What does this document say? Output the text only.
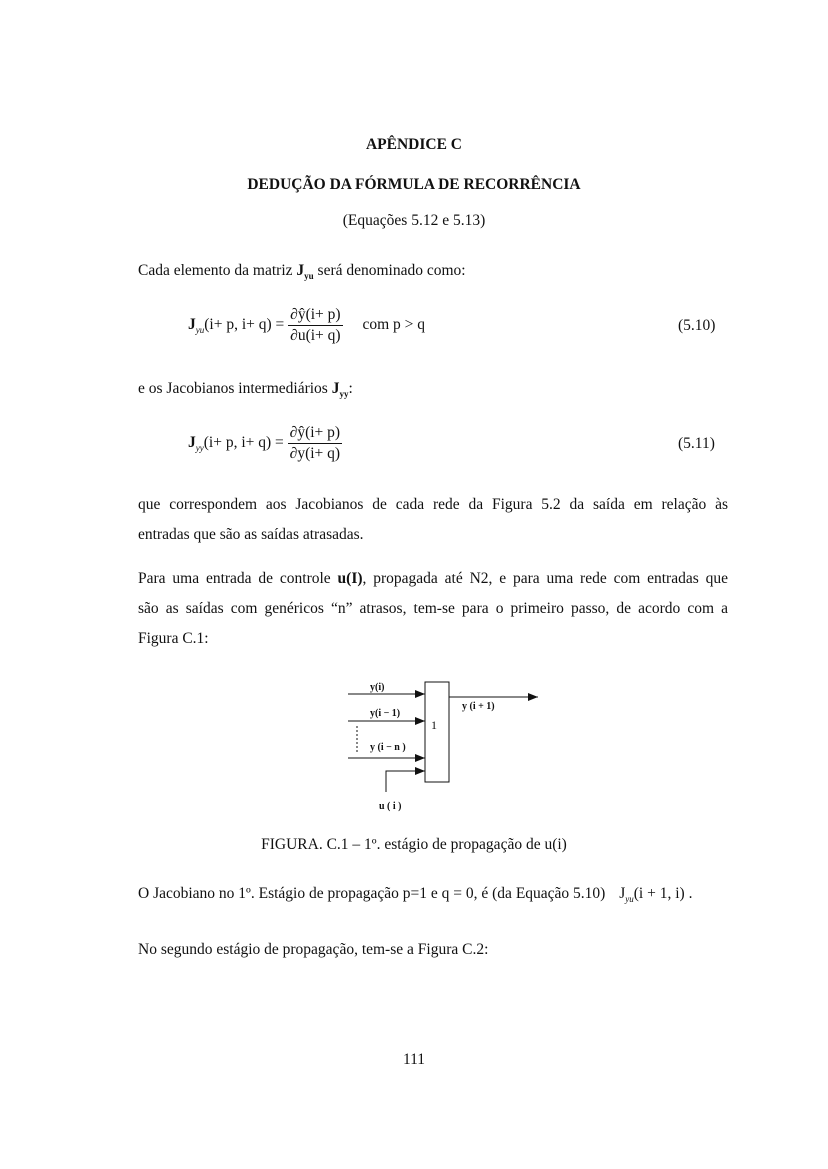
APÊNDICE C
DEDUÇÃO DA FÓRMULA DE RECORRÊNCIA
(Equações 5.12 e 5.13)
Cada elemento da matriz $J_{yu}$ será denominado como:
$J_{yu}(i+ p$, $i+ q) = \frac{\partial ŷ(i+ p)}{\partial u(i+ q)}$ com p > q	(5.10)
e os Jacobianos intermediários $J_{yy}$:
$J_{yy}(i+ p$, $i+ q) = \frac{\partial ŷ(i+ p)}{\partial y(i+ q)}$	(5.11)
que correspondem aos Jacobianos de cada rede da Figura 5.2 da saída em relação às
entradas que são as saídas atrasadas.
Para uma entrada de controle u(I), propagada até N2, e para uma rede com entradas que
são as saídas com genéricos “n” atrasos, tem-se para o primeiro passo, de acordo com a
Figura C.1:
y(i)
y(i − 1)
y (i − n )
1
y (i + 1)
u ( i )
FIGURA. C.1 – 1º. estágio de propagação de u(i)
O Jacobiano no 1º. Estágio de propagação p=1 e q = 0, é (da Equação 5.10) $J_{yu}(i + 1$, i) .
No segundo estágio de propagação, tem-se a Figura C.2:
111
